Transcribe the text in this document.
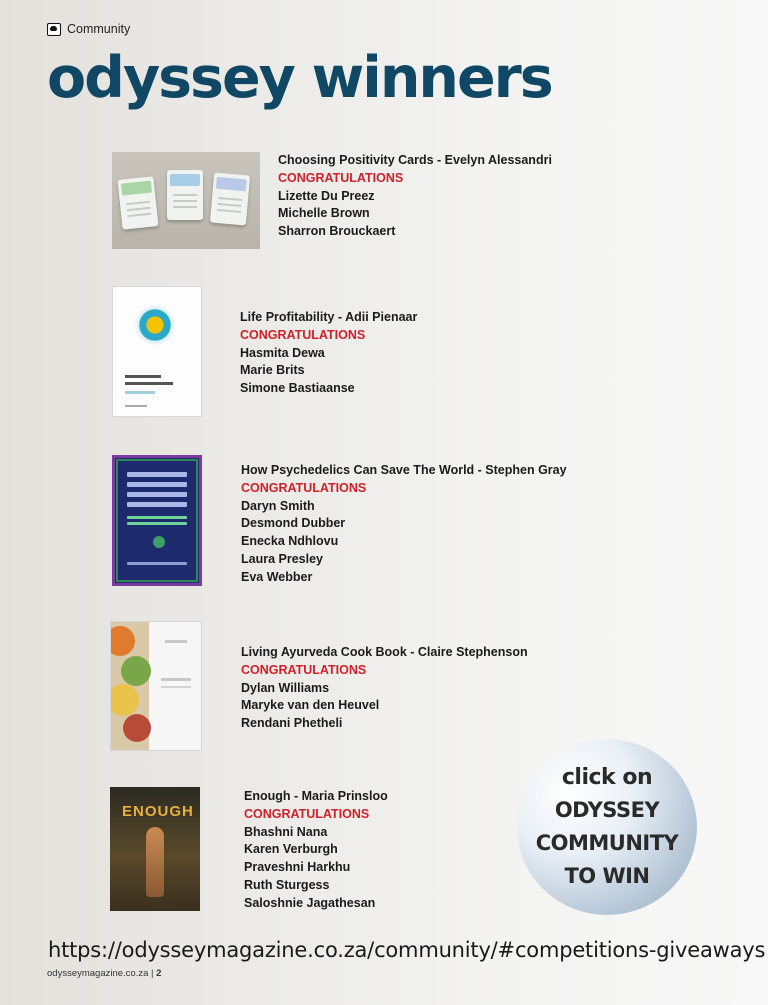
Community
odyssey winners
Choosing Positivity Cards - Evelyn Alessandri
CONGRATULATIONS
Lizette Du Preez
Michelle Brown
Sharron Brouckaert
Life Profitability - Adii Pienaar
CONGRATULATIONS
Hasmita Dewa
Marie Brits
Simone Bastiaanse
How Psychedelics Can Save The World - Stephen Gray
CONGRATULATIONS
Daryn Smith
Desmond Dubber
Enecka Ndhlovu
Laura Presley
Eva Webber
Living Ayurveda Cook Book - Claire Stephenson
CONGRATULATIONS
Dylan Williams
Maryke van den Heuvel
Rendani Phetheli
ENOUGH
Enough - Maria Prinsloo
CONGRATULATIONS
Bhashni Nana
Karen Verburgh
Praveshni Harkhu
Ruth Sturgess
Saloshnie Jagathesan
click on
ODYSSEY
COMMUNITY
TO WIN
https://odysseymagazine.co.za/community/#competitions-giveaways
odysseymagazine.co.za | 2
